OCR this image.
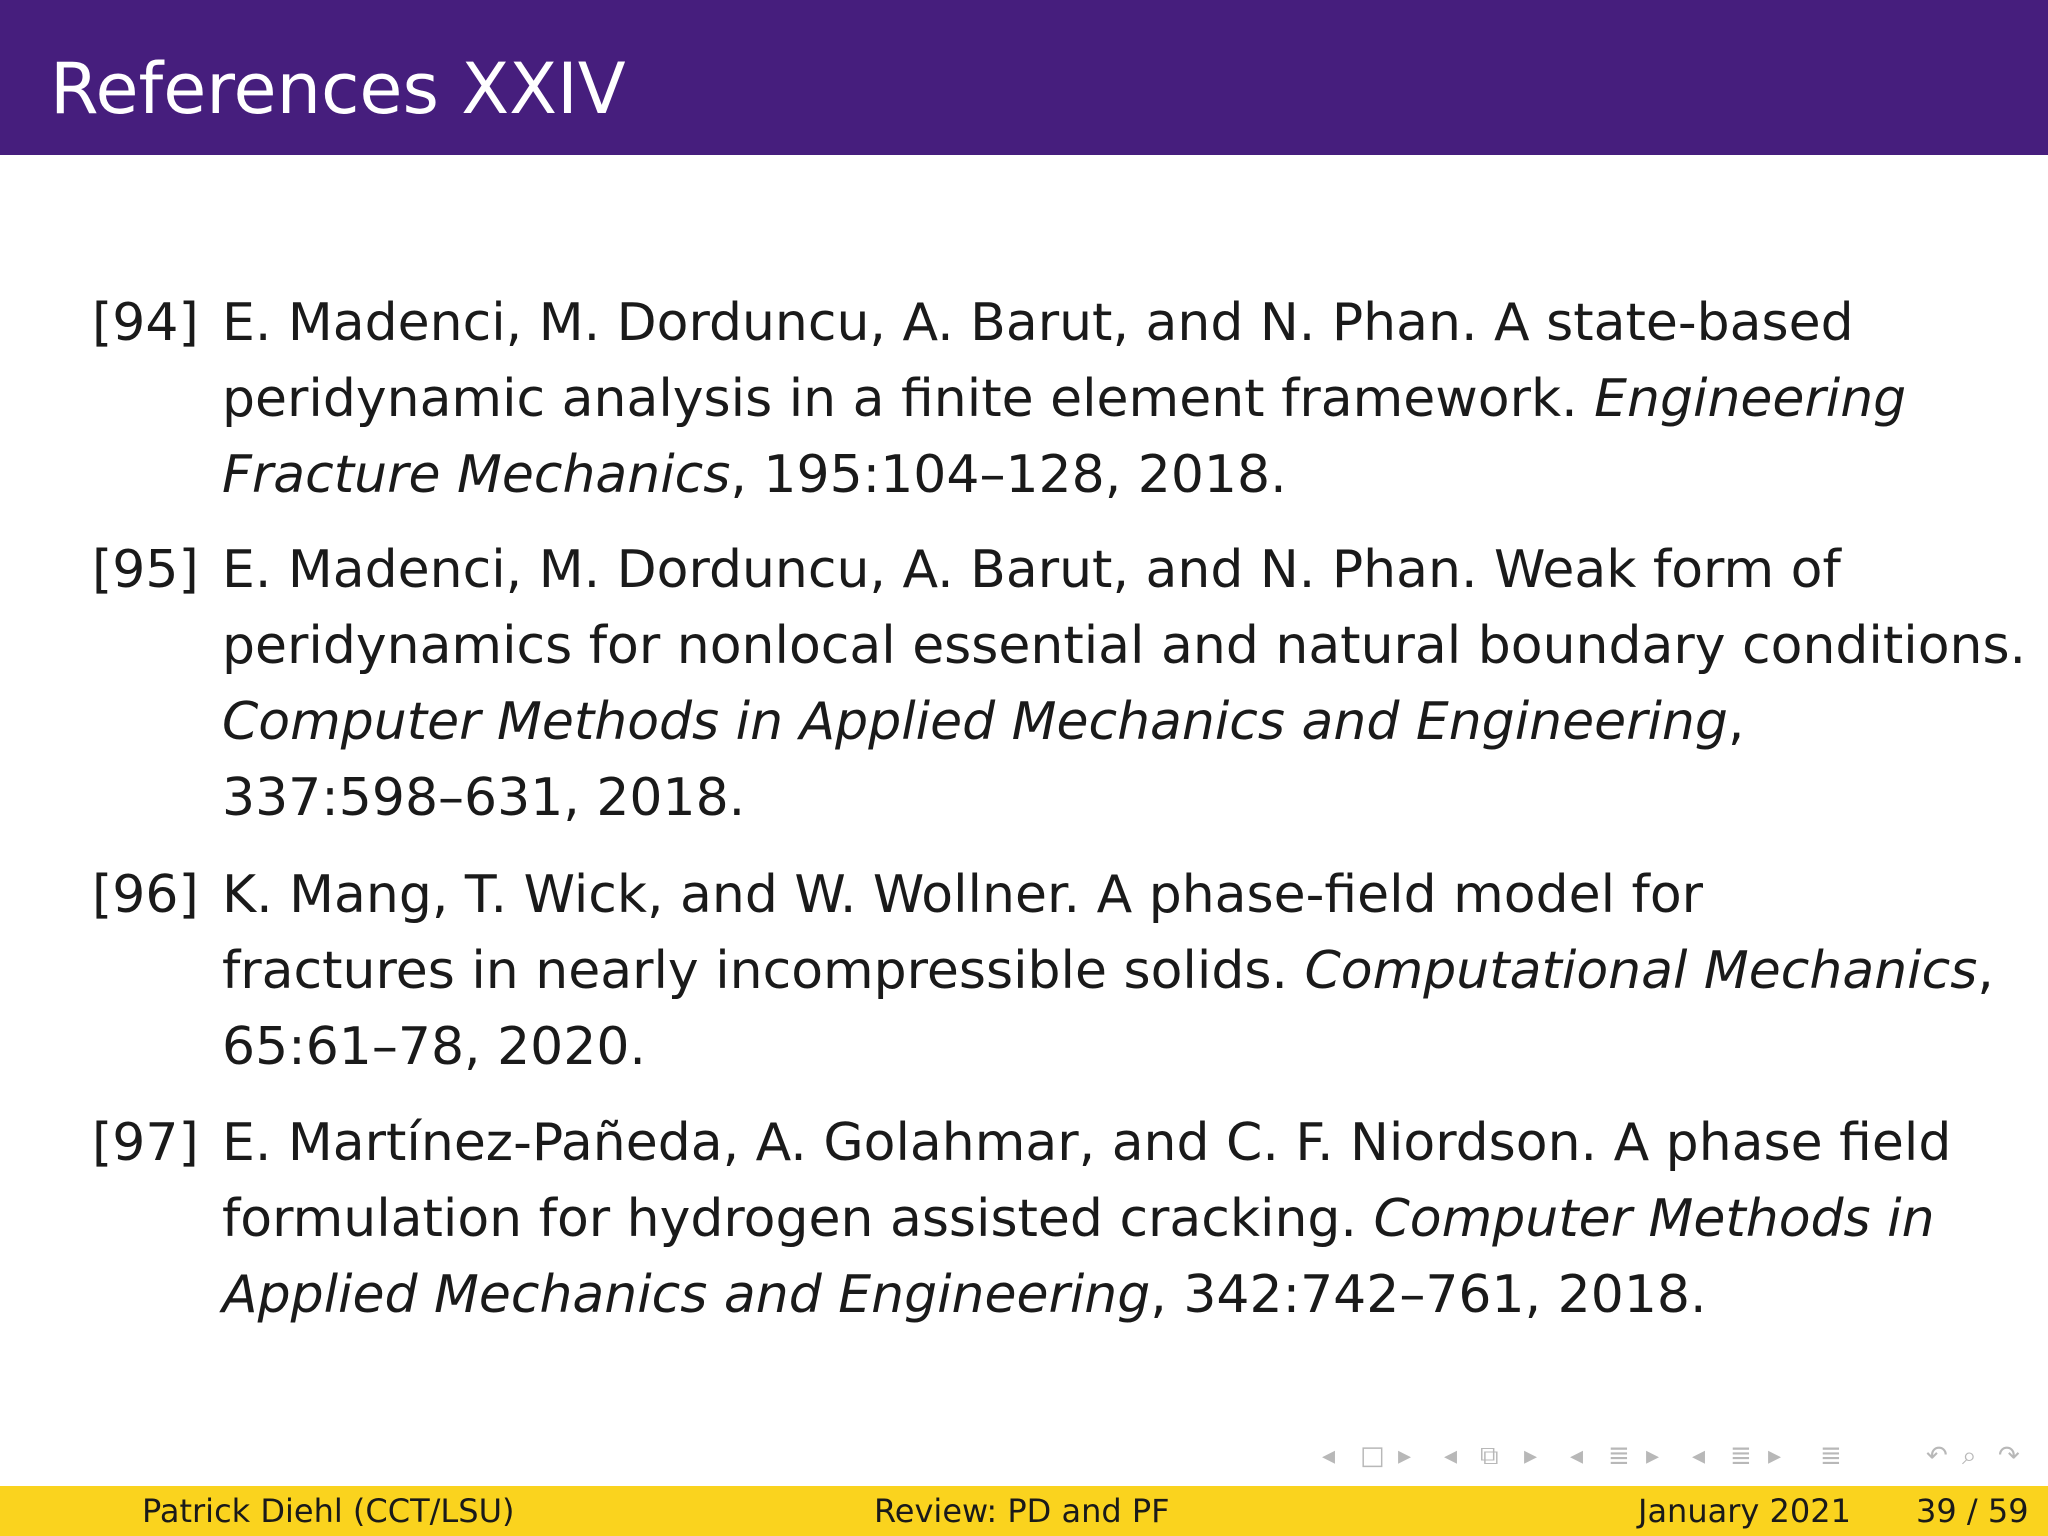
References XXIV
[94] E. Madenci, M. Dorduncu, A. Barut, and N. Phan. A state-based
peridynamic analysis in a finite element framework. Engineering
Fracture Mechanics, 195:104–128, 2018.
[95] E. Madenci, M. Dorduncu, A. Barut, and N. Phan. Weak form of
peridynamics for nonlocal essential and natural boundary conditions.
Computer Methods in Applied Mechanics and Engineering,
337:598–631, 2018.
[96] K. Mang, T. Wick, and W. Wollner. A phase-field model for
fractures in nearly incompressible solids. Computational Mechanics,
65:61–78, 2020.
[97] E. Martínez-Pañeda, A. Golahmar, and C. F. Niordson. A phase field
formulation for hydrogen assisted cracking. Computer Methods in
Applied Mechanics and Engineering, 342:742–761, 2018.
◂ □ ▸ ◂ ⧉ ▸ ◂ ≣ ▸ ◂ ≣ ▸ ≣	↶ ⌕ ↷
Patrick Diehl (CCT/LSU)	Review: PD and PF	January 2021 39 / 59
